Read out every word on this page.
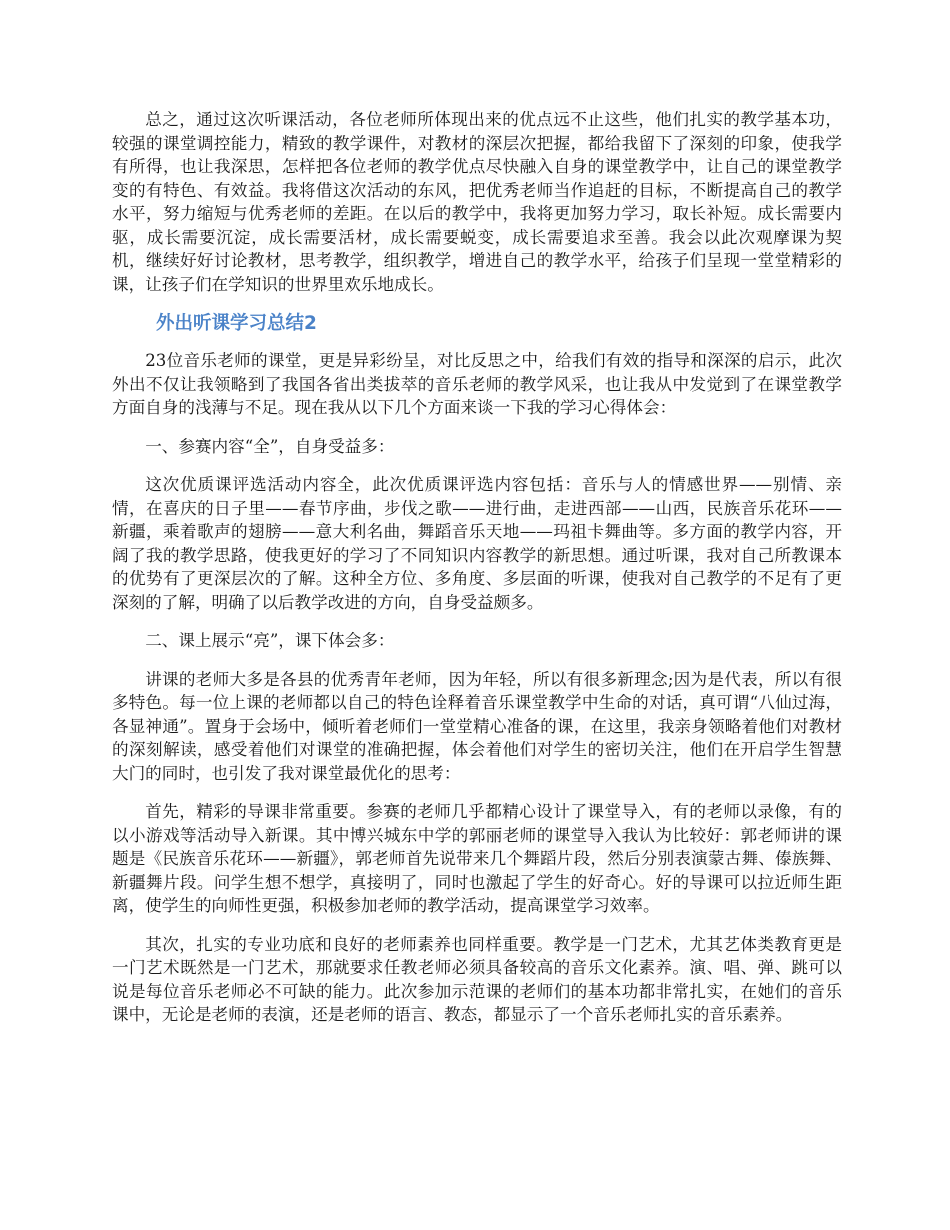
总之，通过这次听课活动，各位老师所体现出来的优点远不止这些，他们扎实的教学基本功，较强的课堂调控能力，精致的教学课件，对教材的深层次把握，都给我留下了深刻的印象，使我学有所得，也让我深思，怎样把各位老师的教学优点尽快融入自身的课堂教学中，让自己的课堂教学变的有特色、有效益。我将借这次活动的东风，把优秀老师当作追赶的目标，不断提高自己的教学水平，努力缩短与优秀老师的差距。在以后的教学中，我将更加努力学习，取长补短。成长需要内驱，成长需要沉淀，成长需要活材，成长需要蜕变，成长需要追求至善。我会以此次观摩课为契机，继续好好讨论教材，思考教学，组织教学，增进自己的教学水平，给孩子们呈现一堂堂精彩的课，让孩子们在学知识的世界里欢乐地成长。

外出听课学习总结2

23位音乐老师的课堂，更是异彩纷呈，对比反思之中，给我们有效的指导和深深的启示，此次外出不仅让我领略到了我国各省出类拔萃的音乐老师的教学风采，也让我从中发觉到了在课堂教学方面自身的浅薄与不足。现在我从以下几个方面来谈一下我的学习心得体会：

一、参赛内容“全”，自身受益多：

这次优质课评选活动内容全，此次优质课评选内容包括：音乐与人的情感世界——别情、亲情，在喜庆的日子里——春节序曲，步伐之歌——进行曲，走进西部——山西，民族音乐花环——新疆，乘着歌声的翅膀——意大利名曲，舞蹈音乐天地——玛祖卡舞曲等。多方面的教学内容，开阔了我的教学思路，使我更好的学习了不同知识内容教学的新思想。通过听课，我对自己所教课本的优势有了更深层次的了解。这种全方位、多角度、多层面的听课，使我对自己教学的不足有了更深刻的了解，明确了以后教学改进的方向，自身受益颇多。

二、课上展示“亮”，课下体会多：

讲课的老师大多是各县的优秀青年老师，因为年轻，所以有很多新理念;因为是代表，所以有很多特色。每一位上课的老师都以自己的特色诠释着音乐课堂教学中生命的对话，真可谓“八仙过海，各显神通”。置身于会场中，倾听着老师们一堂堂精心准备的课，在这里，我亲身领略着他们对教材的深刻解读，感受着他们对课堂的准确把握，体会着他们对学生的密切关注，他们在开启学生智慧大门的同时，也引发了我对课堂最优化的思考：

首先，精彩的导课非常重要。参赛的老师几乎都精心设计了课堂导入，有的老师以录像，有的以小游戏等活动导入新课。其中博兴城东中学的郭丽老师的课堂导入我认为比较好：郭老师讲的课题是《民族音乐花环——新疆》，郭老师首先说带来几个舞蹈片段，然后分别表演蒙古舞、傣族舞、新疆舞片段。问学生想不想学，真接明了，同时也激起了学生的好奇心。好的导课可以拉近师生距离，使学生的向师性更强，积极参加老师的教学活动，提高课堂学习效率。

其次，扎实的专业功底和良好的老师素养也同样重要。教学是一门艺术，尤其艺体类教育更是一门艺术既然是一门艺术，那就要求任教老师必须具备较高的音乐文化素养。演、唱、弹、跳可以说是每位音乐老师必不可缺的能力。此次参加示范课的老师们的基本功都非常扎实，在她们的音乐课中，无论是老师的表演，还是老师的语言、教态，都显示了一个音乐老师扎实的音乐素养。
